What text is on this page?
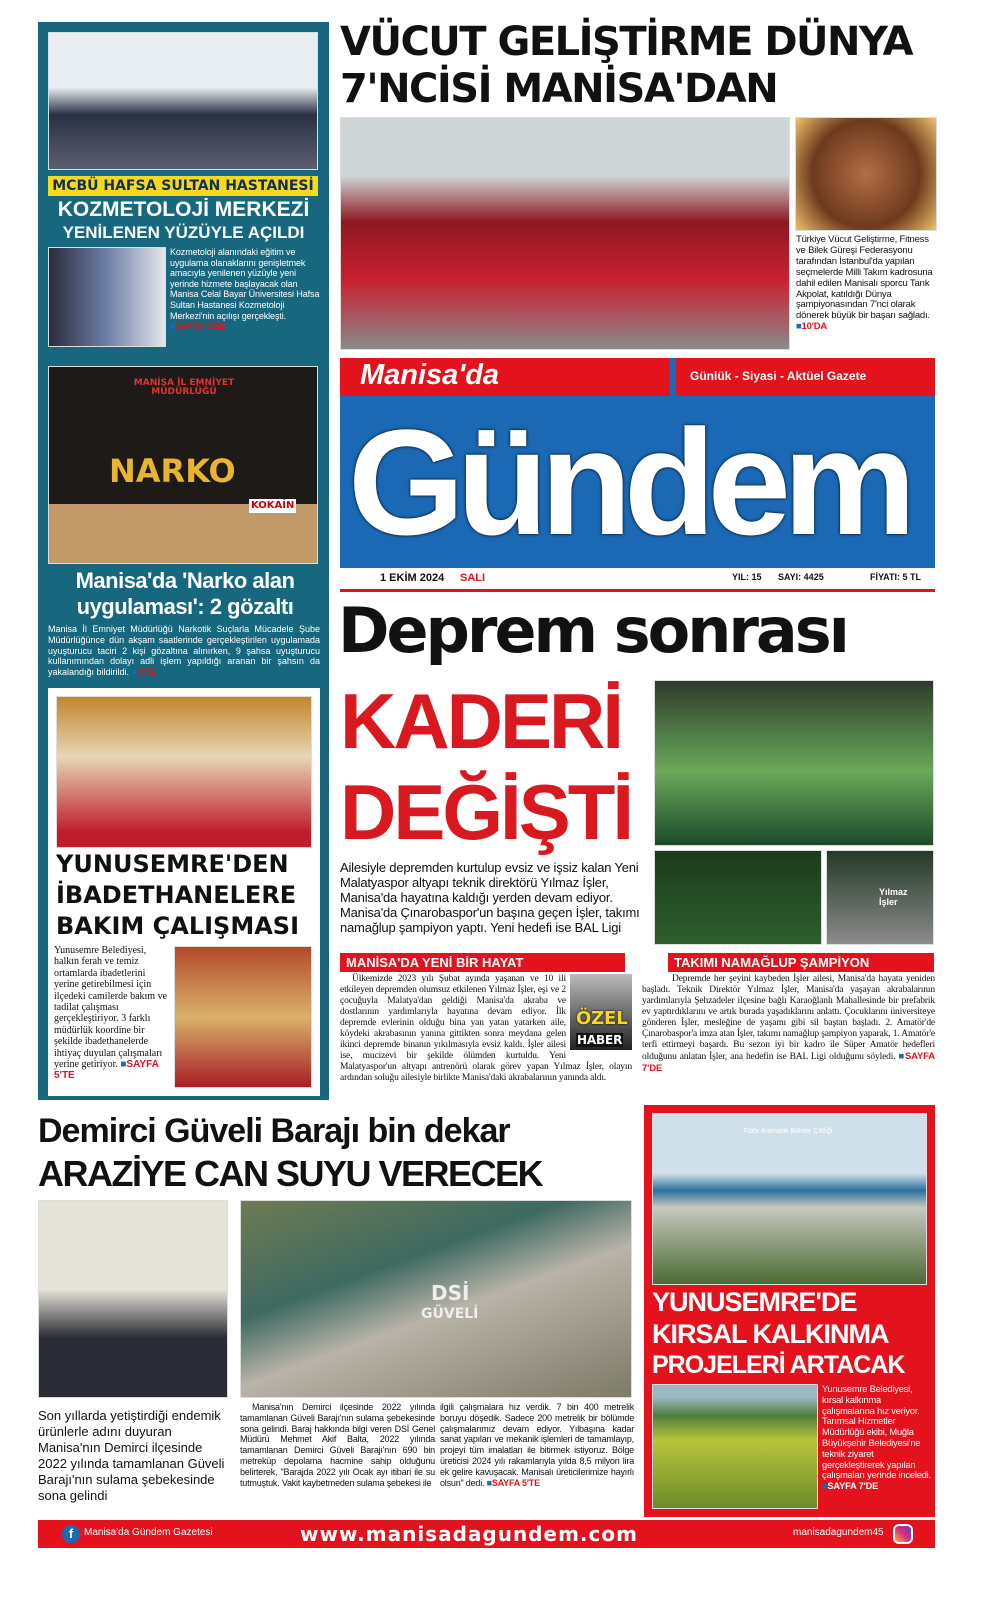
MCBÜ HAFSA SULTAN HASTANESİ
KOZMETOLOJİ MERKEZİ
YENİLENEN YÜZÜYLE AÇILDI
Kozmetoloji alanındaki eğitim ve uygulama olanaklarını genişletmek amacıyla yenilenen yüzüyle yeni yerinde hizmete başlayacak olan Manisa Celal Bayar Üniversitesi Hafsa Sultan Hastanesi Kozmetoloji Merkezi'nin açılışı gerçekleşti. ■ SAYFA 8'DE
MANİSA İL EMNİYET MÜDÜRLÜĞÜ
NARKO
KOKAİN
Manisa'da 'Narko alan uygulaması': 2 gözaltı
Manisa İl Emniyet Müdürlüğü Narkotik Suçlarla Mücadele Şube Müdürlüğünce dün akşam saatlerinde gerçekleştirilen uygulamada uyuşturucu taciri 2 kişi gözaltına alınırken, 9 şahsa uyuşturucu kullanımından dolayı adli işlem yapıldığı aranan bir şahsın da yakalandığı bildirildi. ■ 3'TE
YUNUSEMRE'DEN
İBADETHANELERE
BAKIM ÇALIŞMASI
Yunusemre Belediyesi, halkın ferah ve temiz ortamlarda ibadetlerini yerine getirebilmesi için ilçedeki camilerde bakım ve tadilat çalışması gerçekleştiriyor. 3 farklı müdürlük koordine bir şekilde ibadethanelerde ihtiyaç duyulan çalışmaları yerine getiriyor. ■ SAYFA 5'TE
VÜCUT GELİŞTİRME DÜNYA
7'NCİSİ MANİSA'DAN
Türkiye Vücut Geliştirme, Fitness ve Bilek Güreşi Federasyonu tarafından İstanbul'da yapılan seçmelerde Milli Takım kadrosuna dahil edilen Manisalı sporcu Tarık Akpolat, katıldığı Dünya şampiyonasından 7'nci olarak dönerek büyük bir başarı sağladı. ■ 10'DA
Manisa'da	Günlük - Siyasi - Aktüel Gazete
Gündem
1 EKİM 2024 SALI	YIL: 15 SAYI: 4425	FİYATI: 5 TL
Deprem sonrası
KADERİ
DEĞİŞTİ
Yılmaz İşler
Ailesiyle depremden kurtulup evsiz ve işsiz kalan Yeni Malatyaspor altyapı teknik direktörü Yılmaz İşler, Manisa'da hayatına kaldığı yerden devam ediyor. Manisa'da Çınarobaspor'un başına geçen İşler, takımı namağlup şampiyon yaptı. Yeni hedefi ise BAL Ligi
MANİSA'DA YENİ BİR HAYAT
ÖZEL
HABER
Ülkemizde 2023 yılı Şubat ayında yaşanan ve 10 ili etkileyen depremden olumsuz etkilenen Yılmaz İşler, eşi ve 2 çocuğuyla Malatya'dan geldiği Manisa'da akraba ve dostlarının yardımlarıyla hayatına devam ediyor. İlk depremde evlerinin olduğu bina yan yatan yatarken aile, köydeki akrabasının yanına gittikten sonra meydana gelen ikinci depremde binanın yıkılmasıyla evsiz kaldı. İşler ailesi ise, mucizevi bir şekilde ölümden kurtuldu. Yeni Malatyaspor'un altyapı antrenörü olarak görev yapan Yılmaz İşler, olayın ardından soluğu ailesiyle birlikte Manisa'daki akrabalarının yanında aldı.
TAKIMI NAMAĞLUP ŞAMPİYON
Depremde her şeyini kaybeden İşler ailesi, Manisa'da hayata yeniden başladı. Teknik Direktör Yılmaz İşler, Manisa'da yaşayan akrabalarının yardımlarıyla Şehzadeler ilçesine bağlı Karaoğlanlı Mahallesinde bir prefabrik ev yaptırdıklarını ve artık burada yaşadıklarını anlattı. Çocuklarını üniversiteye gönderen İşler, mesleğine de yaşamı gibi sil baştan başladı. 2. Amatör'de Çınarobaspor'a imza atan İşler, takımı namağlup şampiyon yaparak, 1. Amatör'e terfi ettirmeyi başardı. Bu sezon iyi bir kadro ile Süper Amatör hedefleri olduğunu anlatan İşler, ana hedefin ise BAL Ligi olduğunu söyledi. ■ SAYFA 7'DE
Demirci Güveli Barajı bin dekar
ARAZİYE CAN SUYU VERECEK
Son yıllarda yetiştirdiği endemik ürünlerle adını duyuran Manisa'nın Demirci ilçesinde 2022 yılında tamamlanan Güveli Barajı'nın sulama şebekesinde sona gelindi
DSİ
GÜVELİ
Manisa'nın Demirci ilçesinde 2022 yılında tamamlanan Güveli Barajı'nın sulama şebekesinde sona gelindi. Baraj hakkında bilgi veren DSİ Genel Müdürü Mehmet Akif Balta, 2022 yılında tamamlanan Demirci Güveli Barajı'nın 690 bin metreküp depolama hacmine sahip olduğunu belirterek, "Barajda 2022 yılı Ocak ayı itibari ile su tutmuştuk. Vakit kaybetmeden sulama şebekesi ile
ilgili çalışmalara hız verdik. 7 bin 400 metrelik boruyu döşedik. Sadece 200 metrelik bir bölümde çalışmalarımız devam ediyor. Yılbaşına kadar sanat yapıları ve mekanik işlemleri de tamamlayıp, projeyi tüm imalatları ile bitirmek istiyoruz. Bölge üreticisi 2024 yılı rakamlarıyla yılda 8,5 milyon lira ek gelire kavuşacak. Manisalı üreticilerimize hayırlı olsun" dedi. ■ SAYFA 5'TE
Tıbbi-Aromatik Bitkiler Çiftliği
YUNUSEMRE'DE
KIRSAL KALKINMA
PROJELERİ ARTACAK
Yunusemre Belediyesi, kırsal kalkınma çalışmalarına hız veriyor. Tarımsal Hizmetler Müdürlüğü ekibi, Muğla Büyükşehir Belediyesi'ne teknik ziyaret gerçekleştirerek yapılan çalışmaları yerinde inceledi. ■ SAYFA 7'DE
f	Manisa'da Gündem Gazetesi	www.manisadagundem.com	manisadagundem45
